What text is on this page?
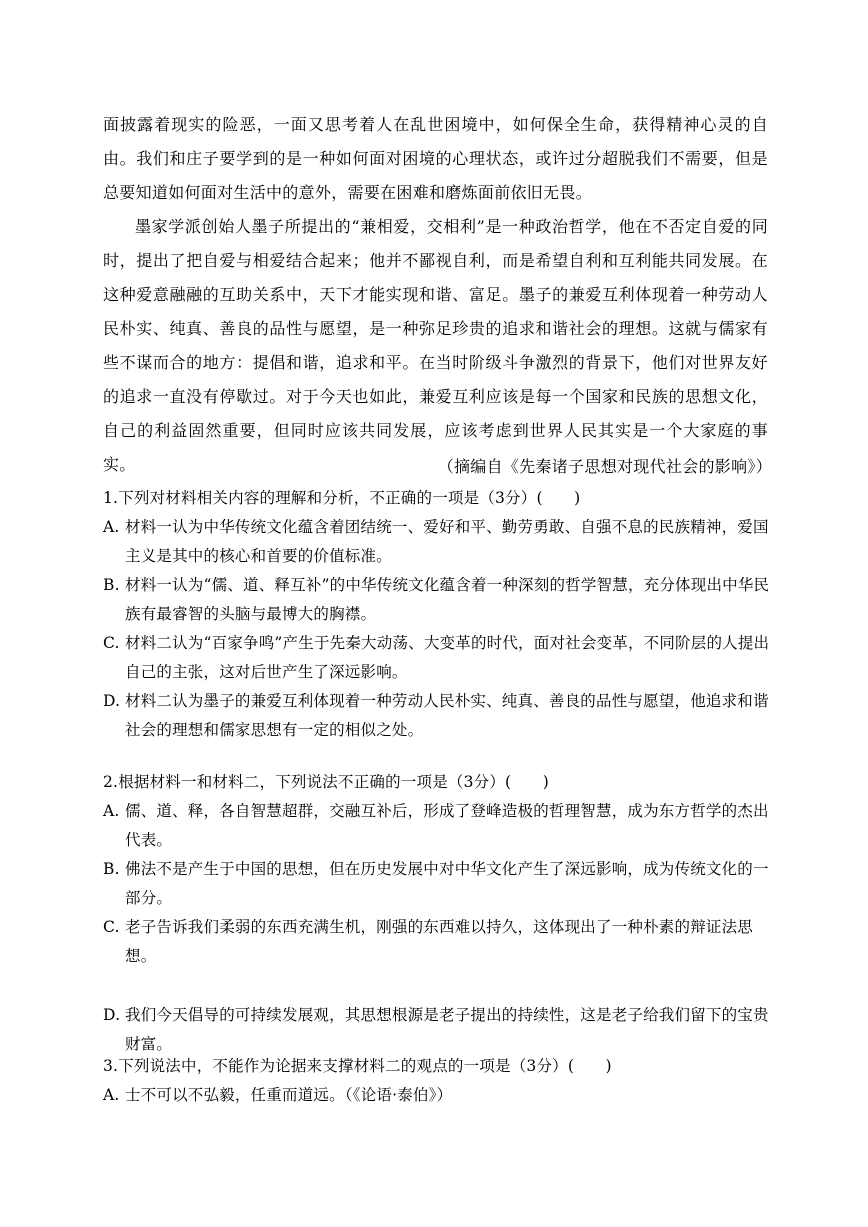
面披露着现实的险恶，一面又思考着人在乱世困境中，如何保全生命，获得精神心灵的自由。我们和庄子要学到的是一种如何面对困境的心理状态，或许过分超脱我们不需要，但是总要知道如何面对生活中的意外，需要在困难和磨炼面前依旧无畏。

墨家学派创始人墨子所提出的“兼相爱，交相利”是一种政治哲学，他在不否定自爱的同时，提出了把自爱与相爱结合起来；他并不鄙视自利，而是希望自利和互利能共同发展。在这种爱意融融的互助关系中，天下才能实现和谐、富足。墨子的兼爱互利体现着一种劳动人民朴实、纯真、善良的品性与愿望，是一种弥足珍贵的追求和谐社会的理想。这就与儒家有些不谋而合的地方：提倡和谐，追求和平。在当时阶级斗争激烈的背景下，他们对世界友好的追求一直没有停歇过。对于今天也如此，兼爱互利应该是每一个国家和民族的思想文化，自己的利益固然重要，但同时应该共同发展，应该考虑到世界人民其实是一个大家庭的事实。	（摘编自《先秦诸子思想对现代社会的影响》）

1.下列对材料相关内容的理解和分析，不正确的一项是（3分）(　　)

A. 材料一认为中华传统文化蕴含着团结统一、爱好和平、勤劳勇敢、自强不息的民族精神，爱国主义是其中的核心和首要的价值标准。

B. 材料一认为“儒、道、释互补”的中华传统文化蕴含着一种深刻的哲学智慧，充分体现出中华民族有最睿智的头脑与最博大的胸襟。

C. 材料二认为“百家争鸣”产生于先秦大动荡、大变革的时代，面对社会变革，不同阶层的人提出自己的主张，这对后世产生了深远影响。

D. 材料二认为墨子的兼爱互利体现着一种劳动人民朴实、纯真、善良的品性与愿望，他追求和谐社会的理想和儒家思想有一定的相似之处。

2.根据材料一和材料二，下列说法不正确的一项是（3分）(　　)

A. 儒、道、释，各自智慧超群，交融互补后，形成了登峰造极的哲理智慧，成为东方哲学的杰出代表。

B. 佛法不是产生于中国的思想，但在历史发展中对中华文化产生了深远影响，成为传统文化的一部分。

C. 老子告诉我们柔弱的东西充满生机，刚强的东西难以持久，这体现出了一种朴素的辩证法思想。

D. 我们今天倡导的可持续发展观，其思想根源是老子提出的持续性，这是老子给我们留下的宝贵财富。

3.下列说法中，不能作为论据来支撑材料二的观点的一项是（3分）(　　)

A. 士不可以不弘毅，任重而道远。（《论语·泰伯》）
